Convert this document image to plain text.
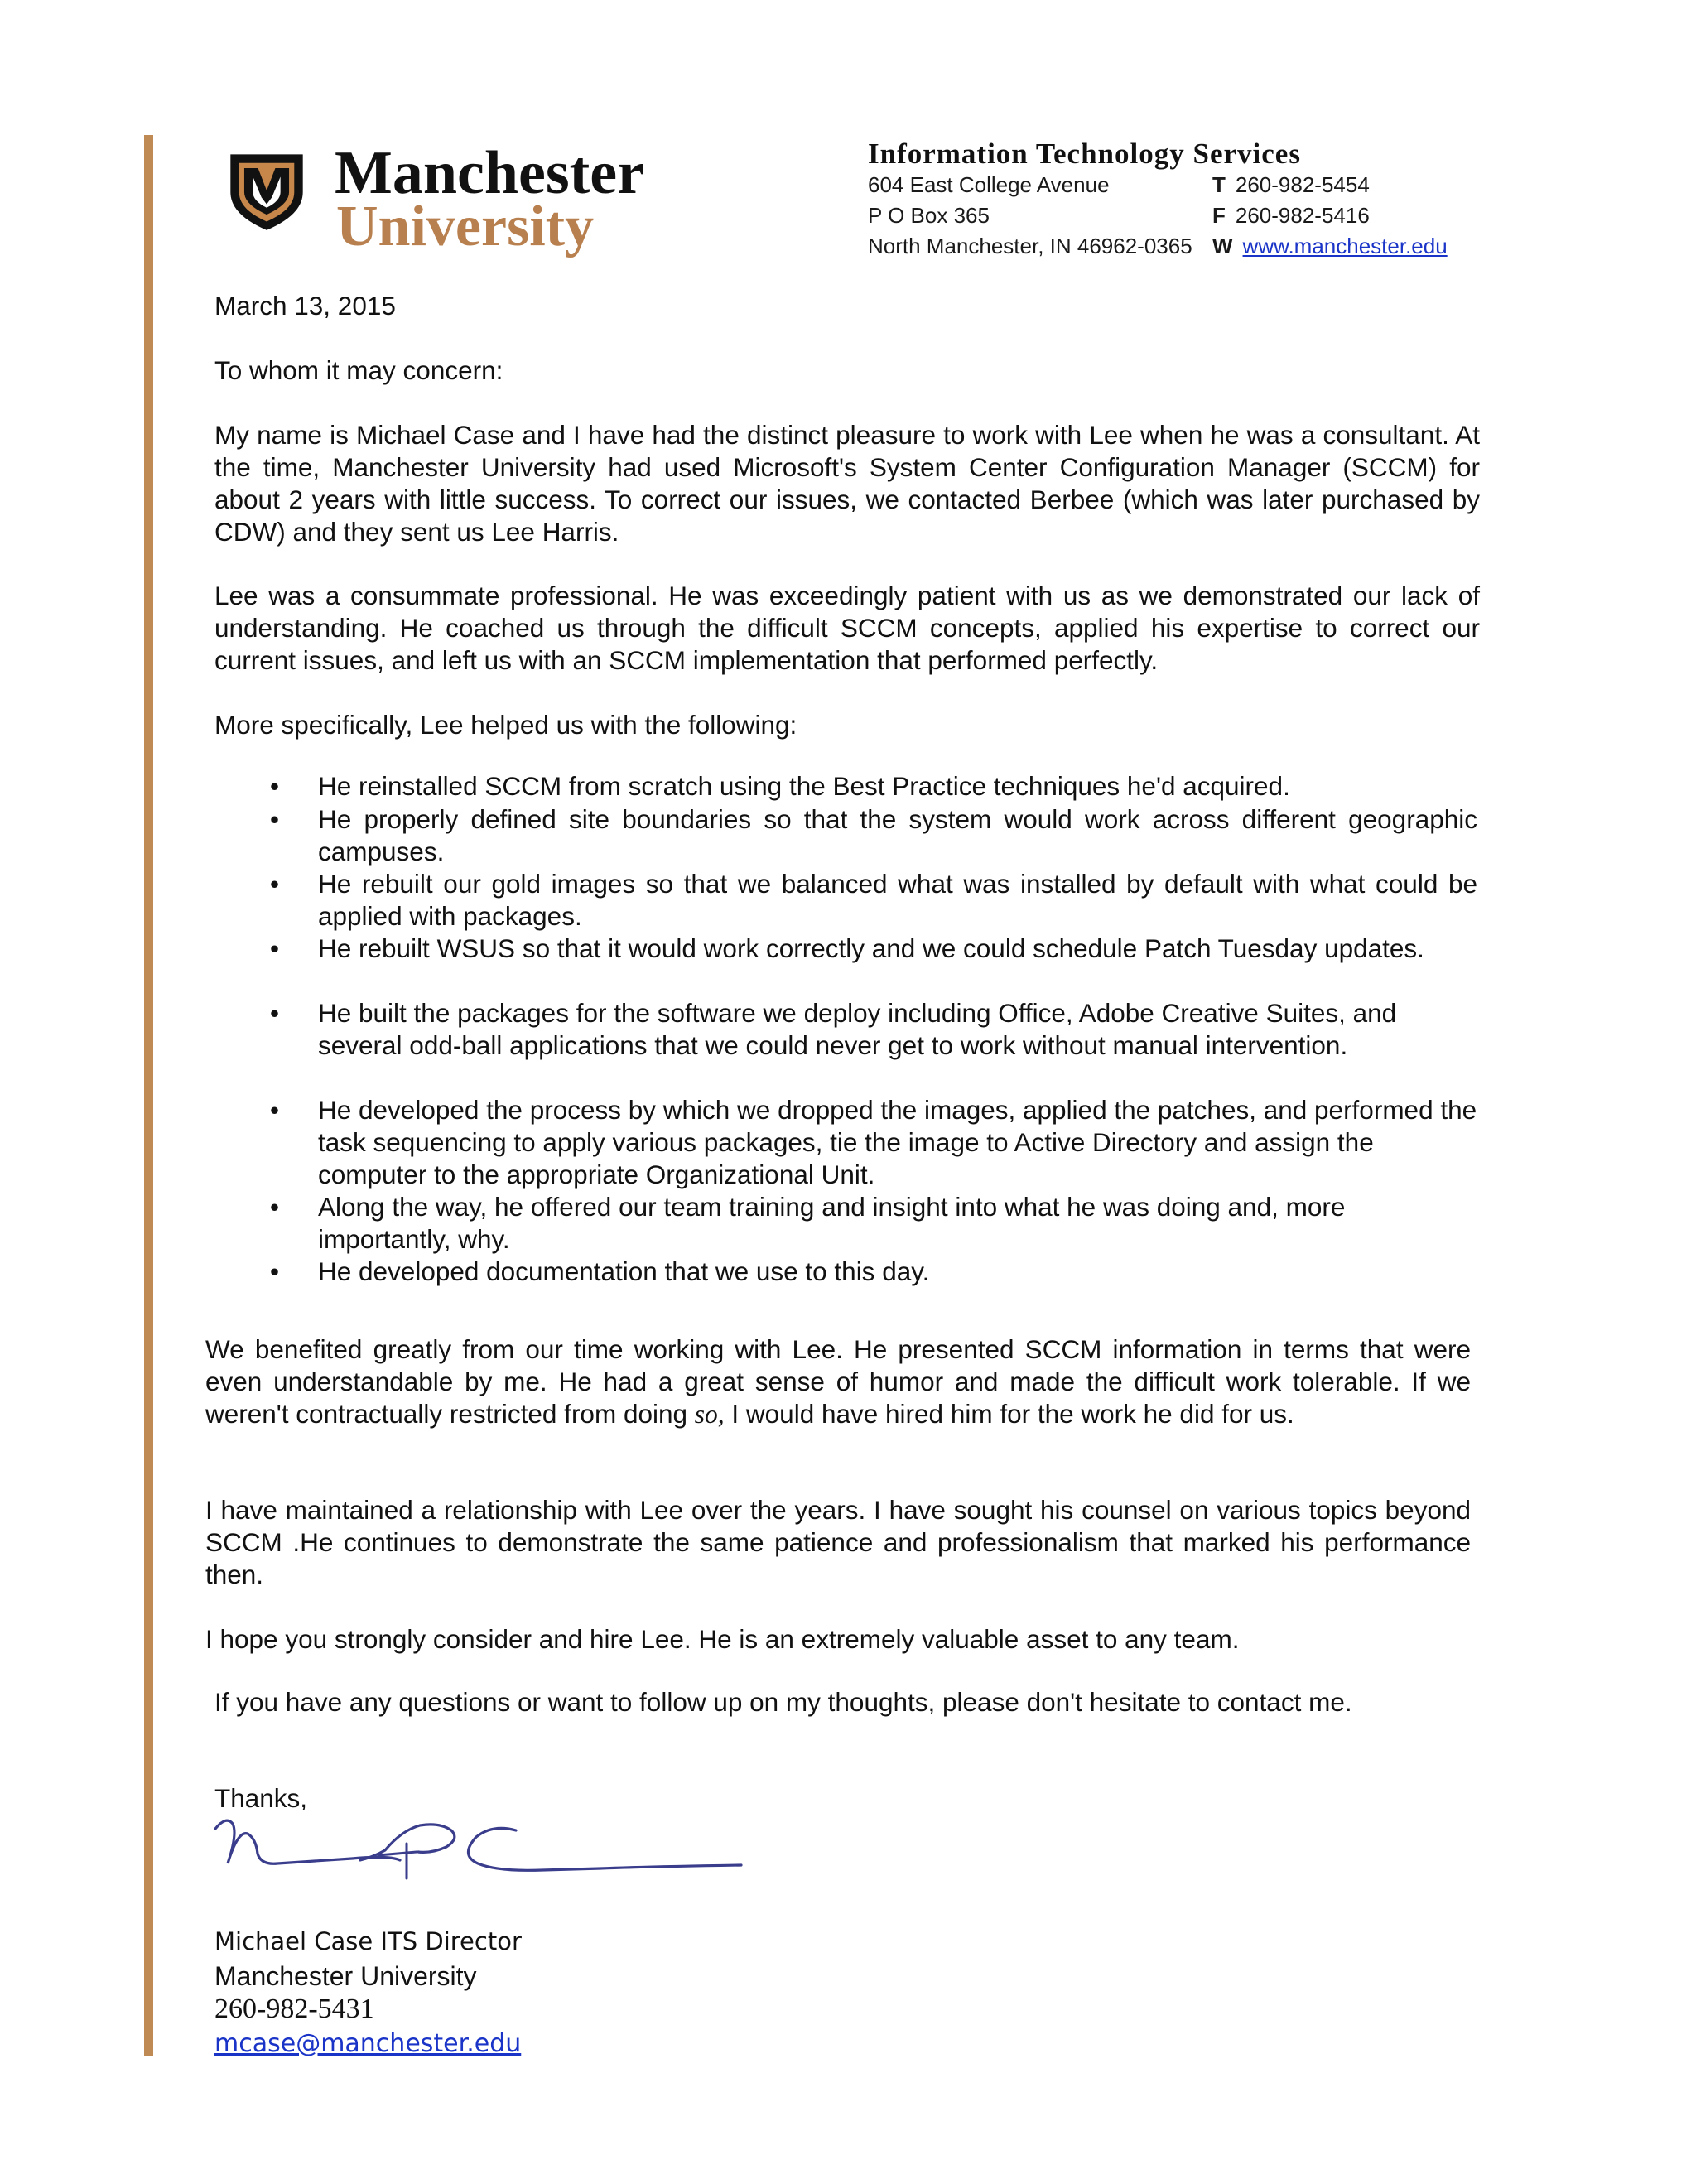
Manchester
University
Information Technology Services
604 East College Avenue
P O Box 365
North Manchester, IN 46962-0365
T 260-982-5454
F 260-982-5416
W www.manchester.edu
March 13, 2015
To whom it may concern:
My name is Michael Case and I have had the distinct pleasure to work with Lee when he was a consultant. At the time, Manchester University had used Microsoft's System Center Configuration Manager (SCCM) for about 2 years with little success. To correct our issues, we contacted Berbee (which was later purchased by CDW) and they sent us Lee Harris.
Lee was a consummate professional. He was exceedingly patient with us as we demonstrated our lack of understanding. He coached us through the difficult SCCM concepts, applied his expertise to correct our current issues, and left us with an SCCM implementation that performed perfectly.
More specifically, Lee helped us with the following:
• He reinstalled SCCM from scratch using the Best Practice techniques he'd acquired.
• He properly defined site boundaries so that the system would work across different geographic campuses.
• He rebuilt our gold images so that we balanced what was installed by default with what could be applied with packages.
• He rebuilt WSUS so that it would work correctly and we could schedule Patch Tuesday updates.
• He built the packages for the software we deploy including Office, Adobe Creative Suites, and several odd-ball applications that we could never get to work without manual intervention.
• He developed the process by which we dropped the images, applied the patches, and performed the task sequencing to apply various packages, tie the image to Active Directory and assign the computer to the appropriate Organizational Unit.
• Along the way, he offered our team training and insight into what he was doing and, more importantly, why.
• He developed documentation that we use to this day.
We benefited greatly from our time working with Lee. He presented SCCM information in terms that were even understandable by me. He had a great sense of humor and made the difficult work tolerable. If we weren't contractually restricted from doing so, I would have hired him for the work he did for us.
I have maintained a relationship with Lee over the years. I have sought his counsel on various topics beyond SCCM .He continues to demonstrate the same patience and professionalism that marked his performance then.
I hope you strongly consider and hire Lee. He is an extremely valuable asset to any team.
If you have any questions or want to follow up on my thoughts, please don't hesitate to contact me.
Thanks,
Michael Case ITS Director
Manchester University
260-982-5431
mcase@manchester.edu
